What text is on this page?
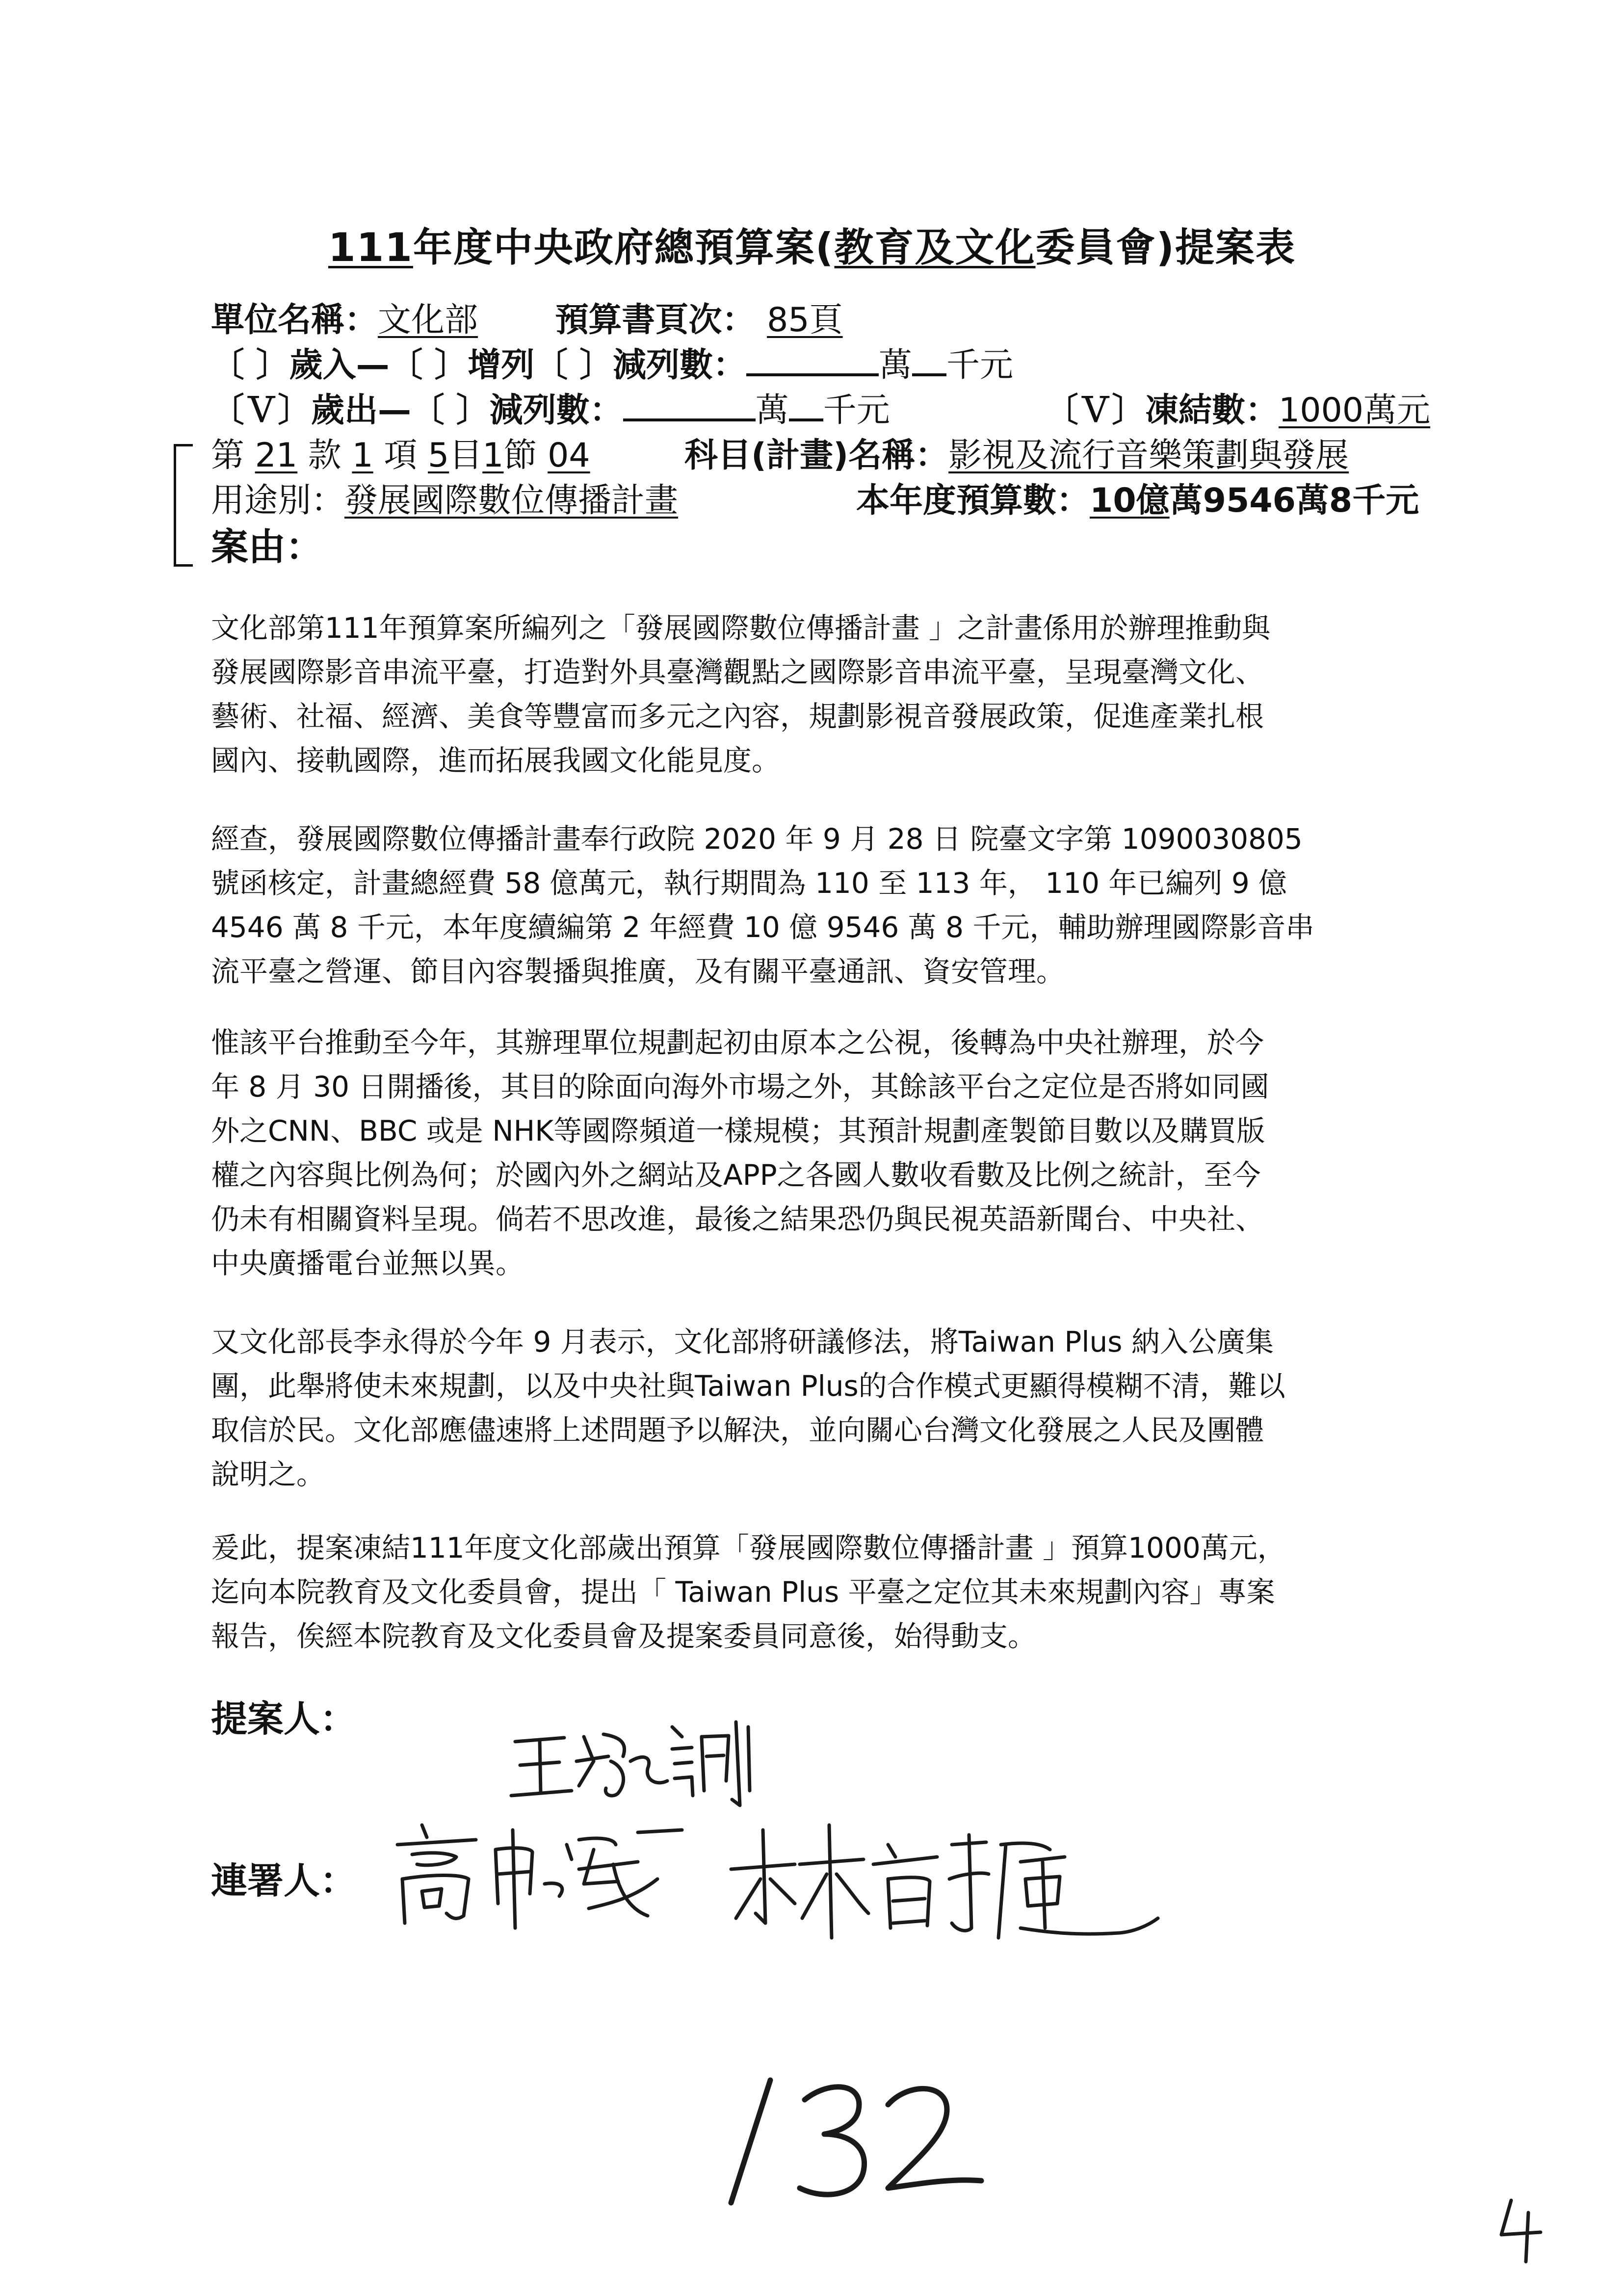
111年度中央政府總預算案(教育及文化委員會)提案表
單位名稱：文化部 預算書頁次： 85頁
〔 〕歲入—〔 〕增列〔 〕減列數：	萬 千元
〔Ｖ〕歲出—〔 〕減列數：	萬 千元	〔Ｖ〕凍結數：1000萬元
第 21 款 1 項 5目1節 04	科目(計畫)名稱：影視及流行音樂策劃與發展
用途別：發展國際數位傳播計畫	本年度預算數：10億萬9546萬8千元
案由：

文化部第111年預算案所編列之「發展國際數位傳播計畫 」之計畫係用於辦理推動與
發展國際影音串流平臺，打造對外具臺灣觀點之國際影音串流平臺，呈現臺灣文化、
藝術、社福、經濟、美食等豐富而多元之內容，規劃影視音發展政策，促進產業扎根
國內、接軌國際，進而拓展我國文化能見度。

經查，發展國際數位傳播計畫奉行政院 2020 年 9 月 28 日 院臺文字第 1090030805
號函核定，計畫總經費 58 億萬元，執行期間為 110 至 113 年， 110 年已編列 9 億
4546 萬 8 千元，本年度續編第 2 年經費 10 億 9546 萬 8 千元，輔助辦理國際影音串
流平臺之營運、節目內容製播與推廣，及有關平臺通訊、資安管理。

惟該平台推動至今年，其辦理單位規劃起初由原本之公視，後轉為中央社辦理，於今
年 8 月 30 日開播後，其目的除面向海外市場之外，其餘該平台之定位是否將如同國
外之CNN、BBC 或是 NHK等國際頻道一樣規模；其預計規劃產製節目數以及購買版
權之內容與比例為何；於國內外之網站及APP之各國人數收看數及比例之統計，至今
仍未有相關資料呈現。倘若不思改進，最後之結果恐仍與民視英語新聞台、中央社、
中央廣播電台並無以異。

又文化部長李永得於今年 9 月表示，文化部將研議修法，將Taiwan Plus 納入公廣集
團，此舉將使未來規劃，以及中央社與Taiwan Plus的合作模式更顯得模糊不清，難以
取信於民。文化部應儘速將上述問題予以解決，並向關心台灣文化發展之人民及團體
說明之。

爰此，提案凍結111年度文化部歲出預算「發展國際數位傳播計畫 」預算1000萬元，
迄向本院教育及文化委員會，提出「 Taiwan Plus 平臺之定位其未來規劃內容」專案
報告，俟經本院教育及文化委員會及提案委員同意後，始得動支。

提案人：
連署人：
